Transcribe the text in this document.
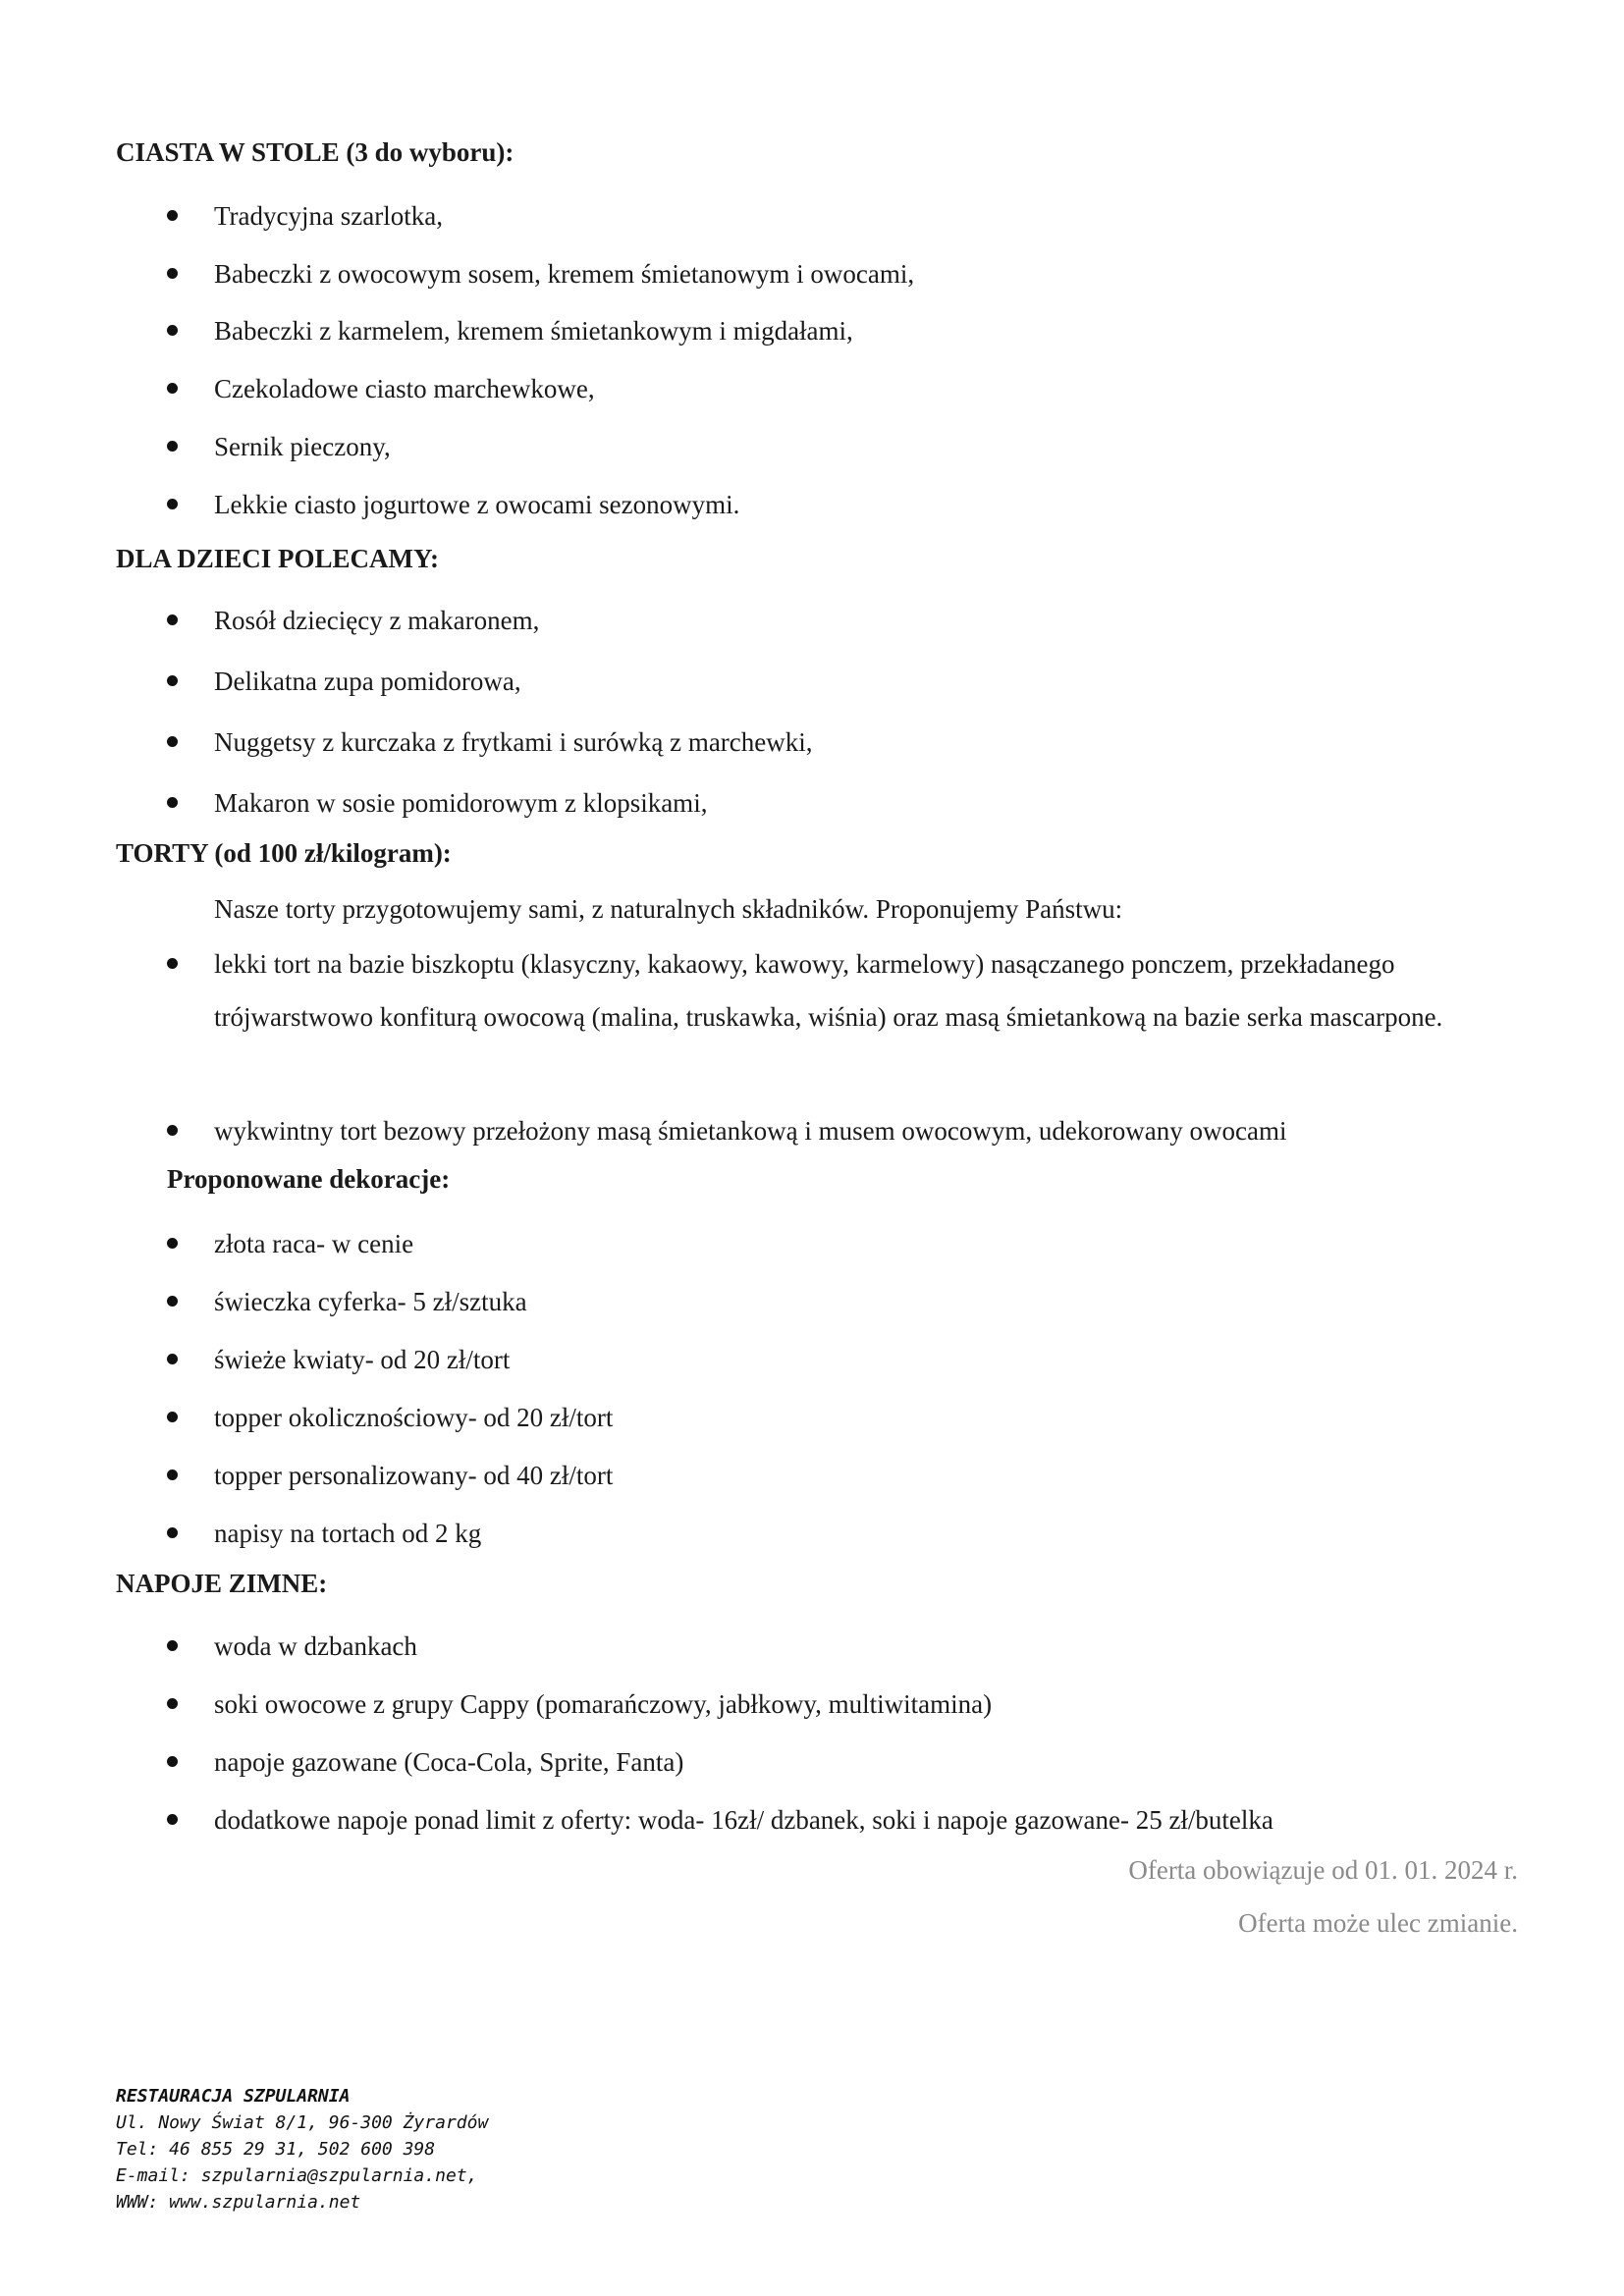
CIASTA W STOLE (3 do wyboru):
Tradycyjna szarlotka,
Babeczki z owocowym sosem, kremem śmietanowym i owocami,
Babeczki z karmelem, kremem śmietankowym i migdałami,
Czekoladowe ciasto marchewkowe,
Sernik pieczony,
Lekkie ciasto jogurtowe z owocami sezonowymi.
DLA DZIECI POLECAMY:
Rosół dziecięcy z makaronem,
Delikatna zupa pomidorowa,
Nuggetsy z kurczaka z frytkami i surówką z marchewki,
Makaron w sosie pomidorowym z klopsikami,
TORTY (od 100 zł/kilogram):

Nasze torty przygotowujemy sami, z naturalnych składników. Proponujemy Państwu:

lekki tort na bazie biszkoptu (klasyczny, kakaowy, kawowy, karmelowy) nasączanego ponczem, przekładanego trójwarstwowo konfiturą owocową (malina, truskawka, wiśnia) oraz masą śmietankową na bazie serka mascarpone.
wykwintny tort bezowy przełożony masą śmietankową i musem owocowym, udekorowany owocami
Proponowane dekoracje:
złota raca- w cenie
świeczka cyferka- 5 zł/sztuka
świeże kwiaty- od 20 zł/tort
topper okolicznościowy- od 20 zł/tort
topper personalizowany- od 40 zł/tort
napisy na tortach od 2 kg
NAPOJE ZIMNE:
woda w dzbankach
soki owocowe z grupy Cappy (pomarańczowy, jabłkowy, multiwitamina)
napoje gazowane (Coca-Cola, Sprite, Fanta)
dodatkowe napoje ponad limit z oferty: woda- 16zł/ dzbanek, soki i napoje gazowane- 25 zł/butelka

Oferta obowiązuje od 01. 01. 2024 r.

Oferta może ulec zmianie.

RESTAURACJA SZPULARNIA
Ul. Nowy Świat 8/1, 96-300 Żyrardów
Tel: 46 855 29 31, 502 600 398
E-mail: szpularnia@szpularnia.net,
WWW: www.szpularnia.net
